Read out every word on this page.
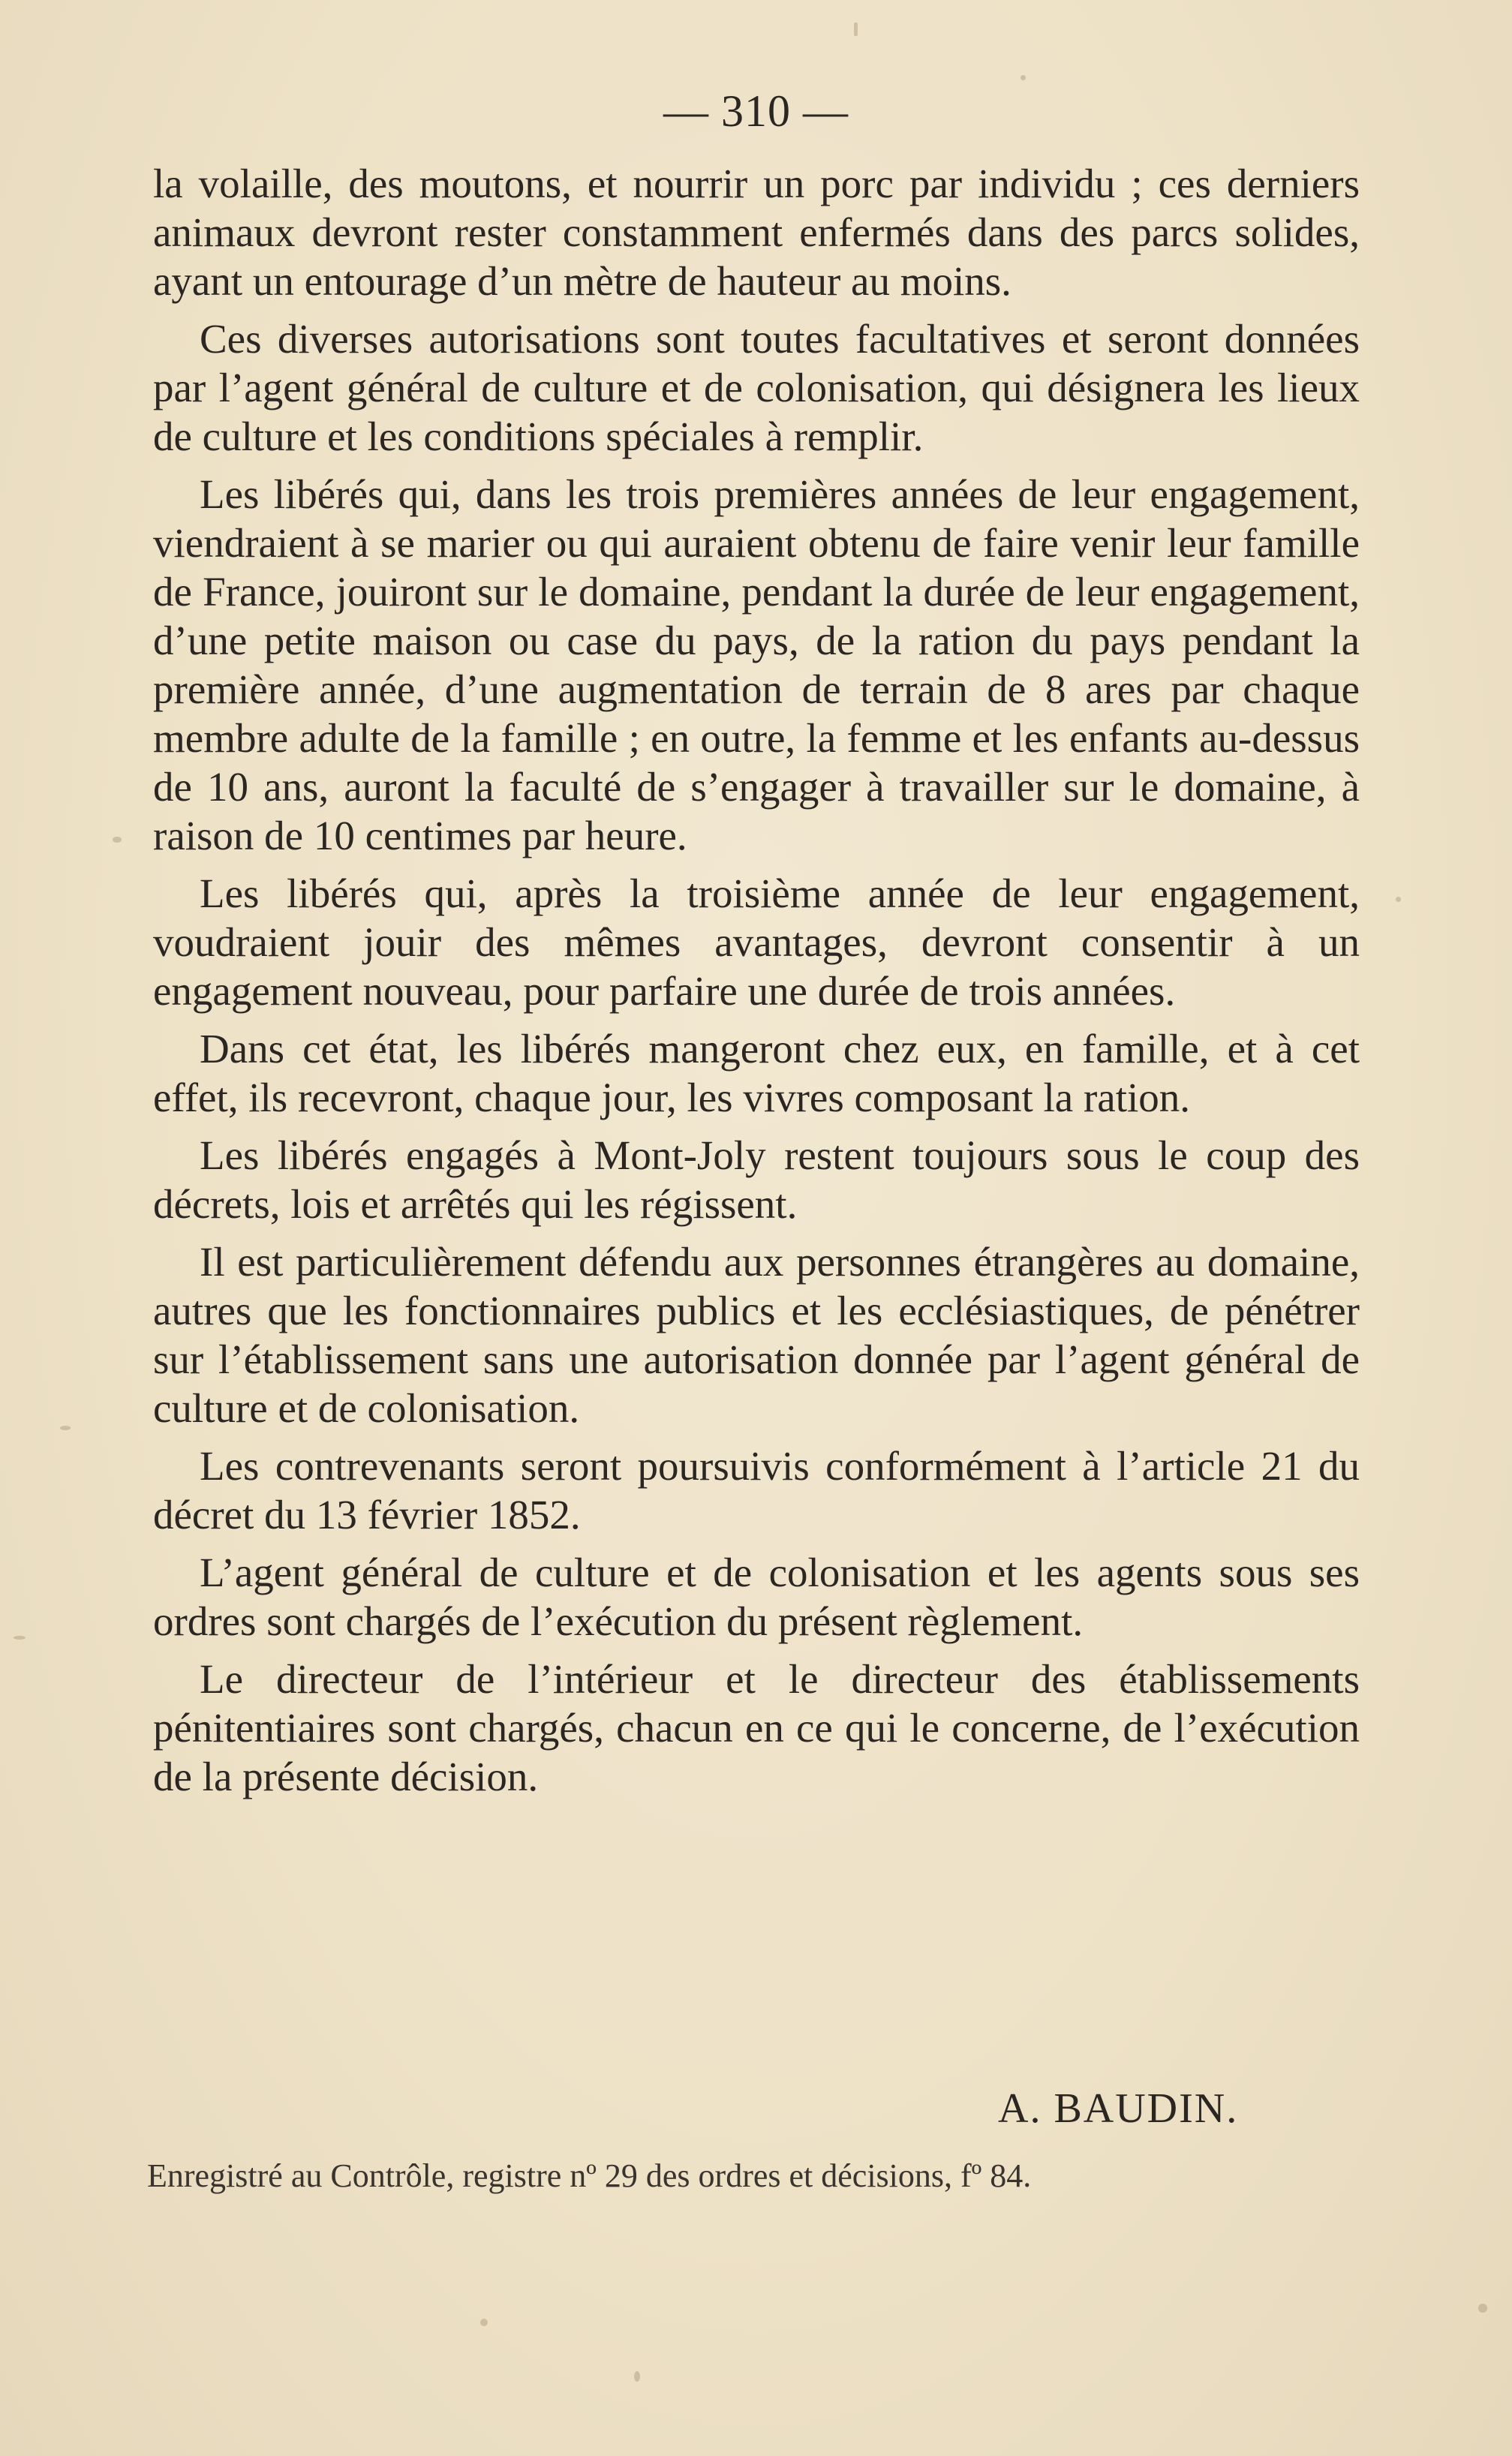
— 310 —

la volaille, des moutons, et nourrir un porc par individu ; ces derniers animaux devront rester constamment enfermés dans des parcs solides, ayant un entourage d’un mètre de hauteur au moins.

Ces diverses autorisations sont toutes facultatives et seront données par l’agent général de culture et de colonisation, qui désignera les lieux de culture et les conditions spéciales à remplir.

Les libérés qui, dans les trois premières années de leur engagement, viendraient à se marier ou qui auraient obtenu de faire venir leur famille de France, jouiront sur le domaine, pendant la durée de leur engagement, d’une petite maison ou case du pays, de la ration du pays pendant la première année, d’une augmentation de terrain de 8 ares par chaque membre adulte de la famille ; en outre, la femme et les enfants au-dessus de 10 ans, auront la faculté de s’engager à travailler sur le domaine, à raison de 10 centimes par heure.

Les libérés qui, après la troisième année de leur engagement, voudraient jouir des mêmes avantages, devront consentir à un engagement nouveau, pour parfaire une durée de trois années.

Dans cet état, les libérés mangeront chez eux, en famille, et à cet effet, ils recevront, chaque jour, les vivres composant la ration.

Les libérés engagés à Mont-Joly restent toujours sous le coup des décrets, lois et arrêtés qui les régissent.

Il est particulièrement défendu aux personnes étrangères au domaine, autres que les fonctionnaires publics et les ecclésiastiques, de pénétrer sur l’établissement sans une autorisation donnée par l’agent général de culture et de colonisation.

Les contrevenants seront poursuivis conformément à l’article 21 du décret du 13 février 1852.

L’agent général de culture et de colonisation et les agents sous ses ordres sont chargés de l’exécution du présent règlement.

Le directeur de l’intérieur et le directeur des établissements pénitentiaires sont chargés, chacun en ce qui le concerne, de l’exécution de la présente décision.

A. BAUDIN.
Enregistré au Contrôle, registre nº 29 des ordres et décisions, fº 84.
